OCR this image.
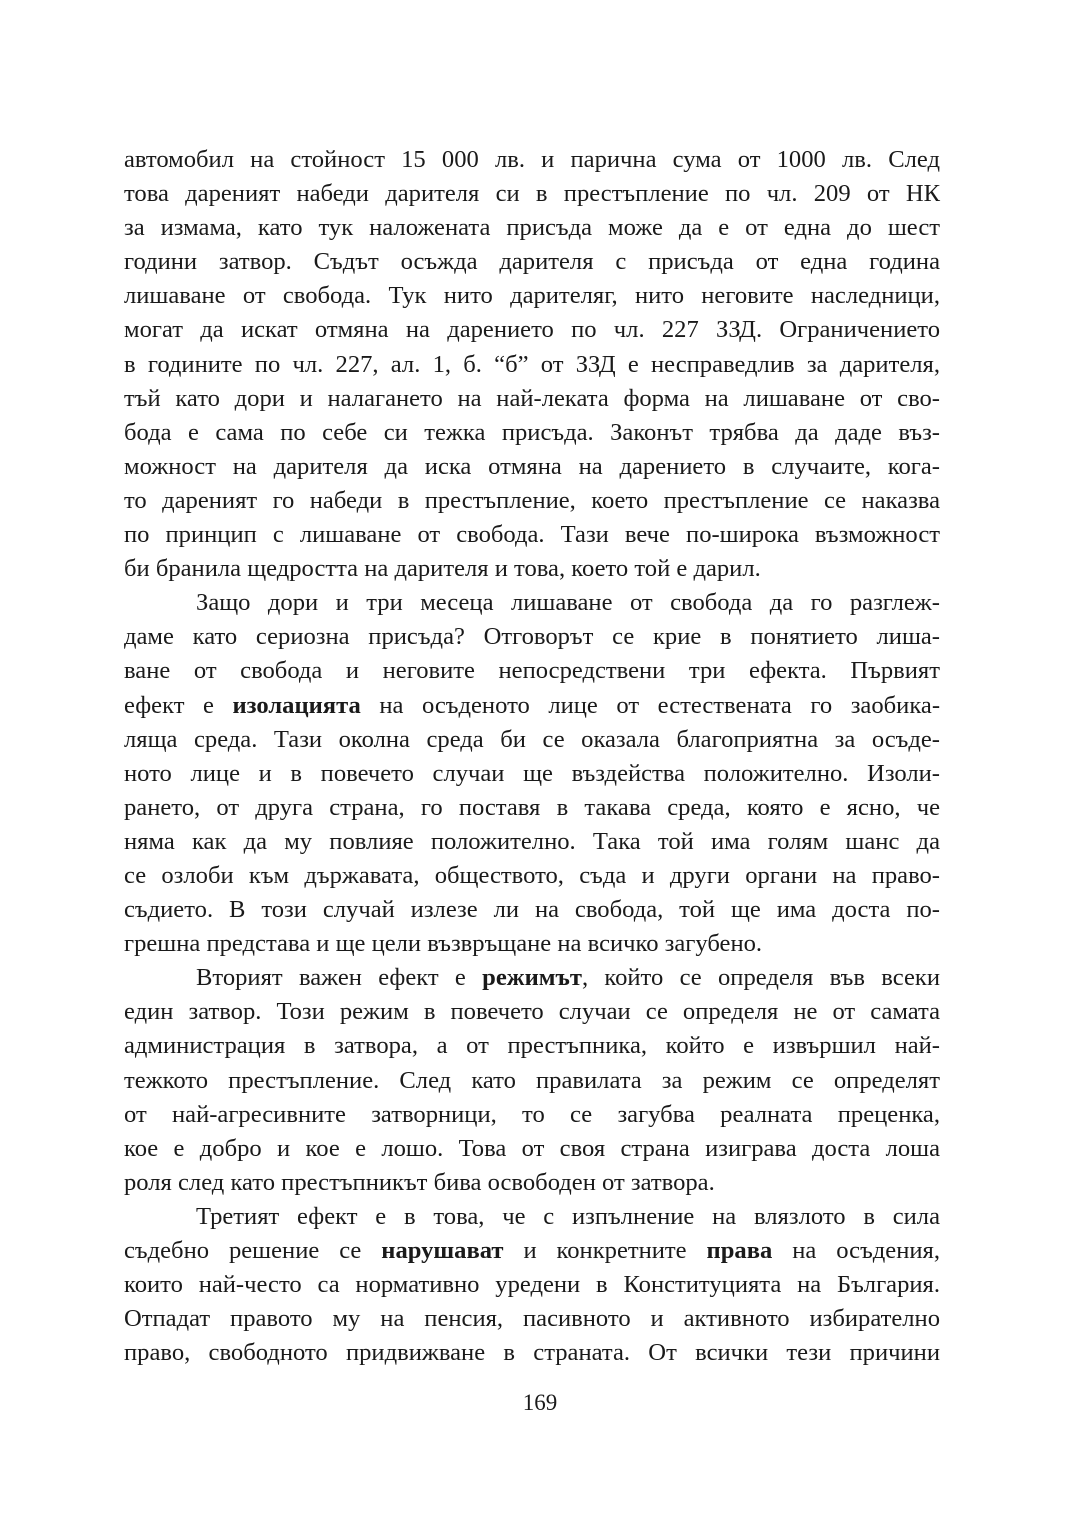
автомобил на стойност 15 000 лв. и парична сума от 1000 лв. След
това дареният набеди дарителя си в престъпление по чл. 209 от НК
за измама, като тук наложената присъда може да е от една до шест
години затвор. Съдът осъжда дарителя с присъда от една година
лишаване от свобода. Тук нито дарителяг, нито неговите наследници,
могат да искат отмяна на дарението по чл. 227 ЗЗД. Ограничението
в годините по чл. 227, ал. 1, б. “б” от ЗЗД е несправедлив за дарителя,
тъй като дори и налагането на най-леката форма на лишаване от сво-
бода е сама по себе си тежка присъда. Законът трябва да даде въз-
можност на дарителя да иска отмяна на дарението в случаите, кога-
то дареният го набеди в престъпление, което престъпление се наказва
по принцип с лишаване от свобода. Тази вече по-широка възможност
би бранила щедростта на дарителя и това, което той е дарил.
Защо дори и три месеца лишаване от свобода да го разглеж-
даме като сериозна присъда? Отговорът се крие в понятието лиша-
ване от свобода и неговите непосредствени три ефекта. Първият
ефект е изолацията на осъденото лице от естествената го заобика-
ляща среда. Тази околна среда би се оказала благоприятна за осъде-
ното лице и в повечето случаи ще въздейства положително. Изоли-
рането, от друга страна, го поставя в такава среда, която е ясно, че
няма как да му повлияе положително. Така той има голям шанс да
се озлоби към държавата, обществото, съда и други органи на право-
съдието. В този случай излезе ли на свобода, той ще има доста по-
грешна представа и ще цели възвръщане на всичко загубено.
Вторият важен ефект е режимът, който се определя във всеки
един затвор. Този режим в повечето случаи се определя не от самата
администрация в затвора, а от престъпника, който е извършил най-
тежкото престъпление. След като правилата за режим се определят
от най-агресивните затворници, то се загубва реалната преценка,
кое е добро и кое е лошо. Това от своя страна изиграва доста лоша
роля след като престъпникът бива освободен от затвора.
Третият ефект е в това, че с изпълнение на влязлото в сила
съдебно решение се нарушават и конкретните права на осъдения,
които най-често са нормативно уредени в Конституцията на България.
Отпадат правото му на пенсия, пасивното и активното избирателно
право, свободното придвижване в страната. От всички тези причини
169
